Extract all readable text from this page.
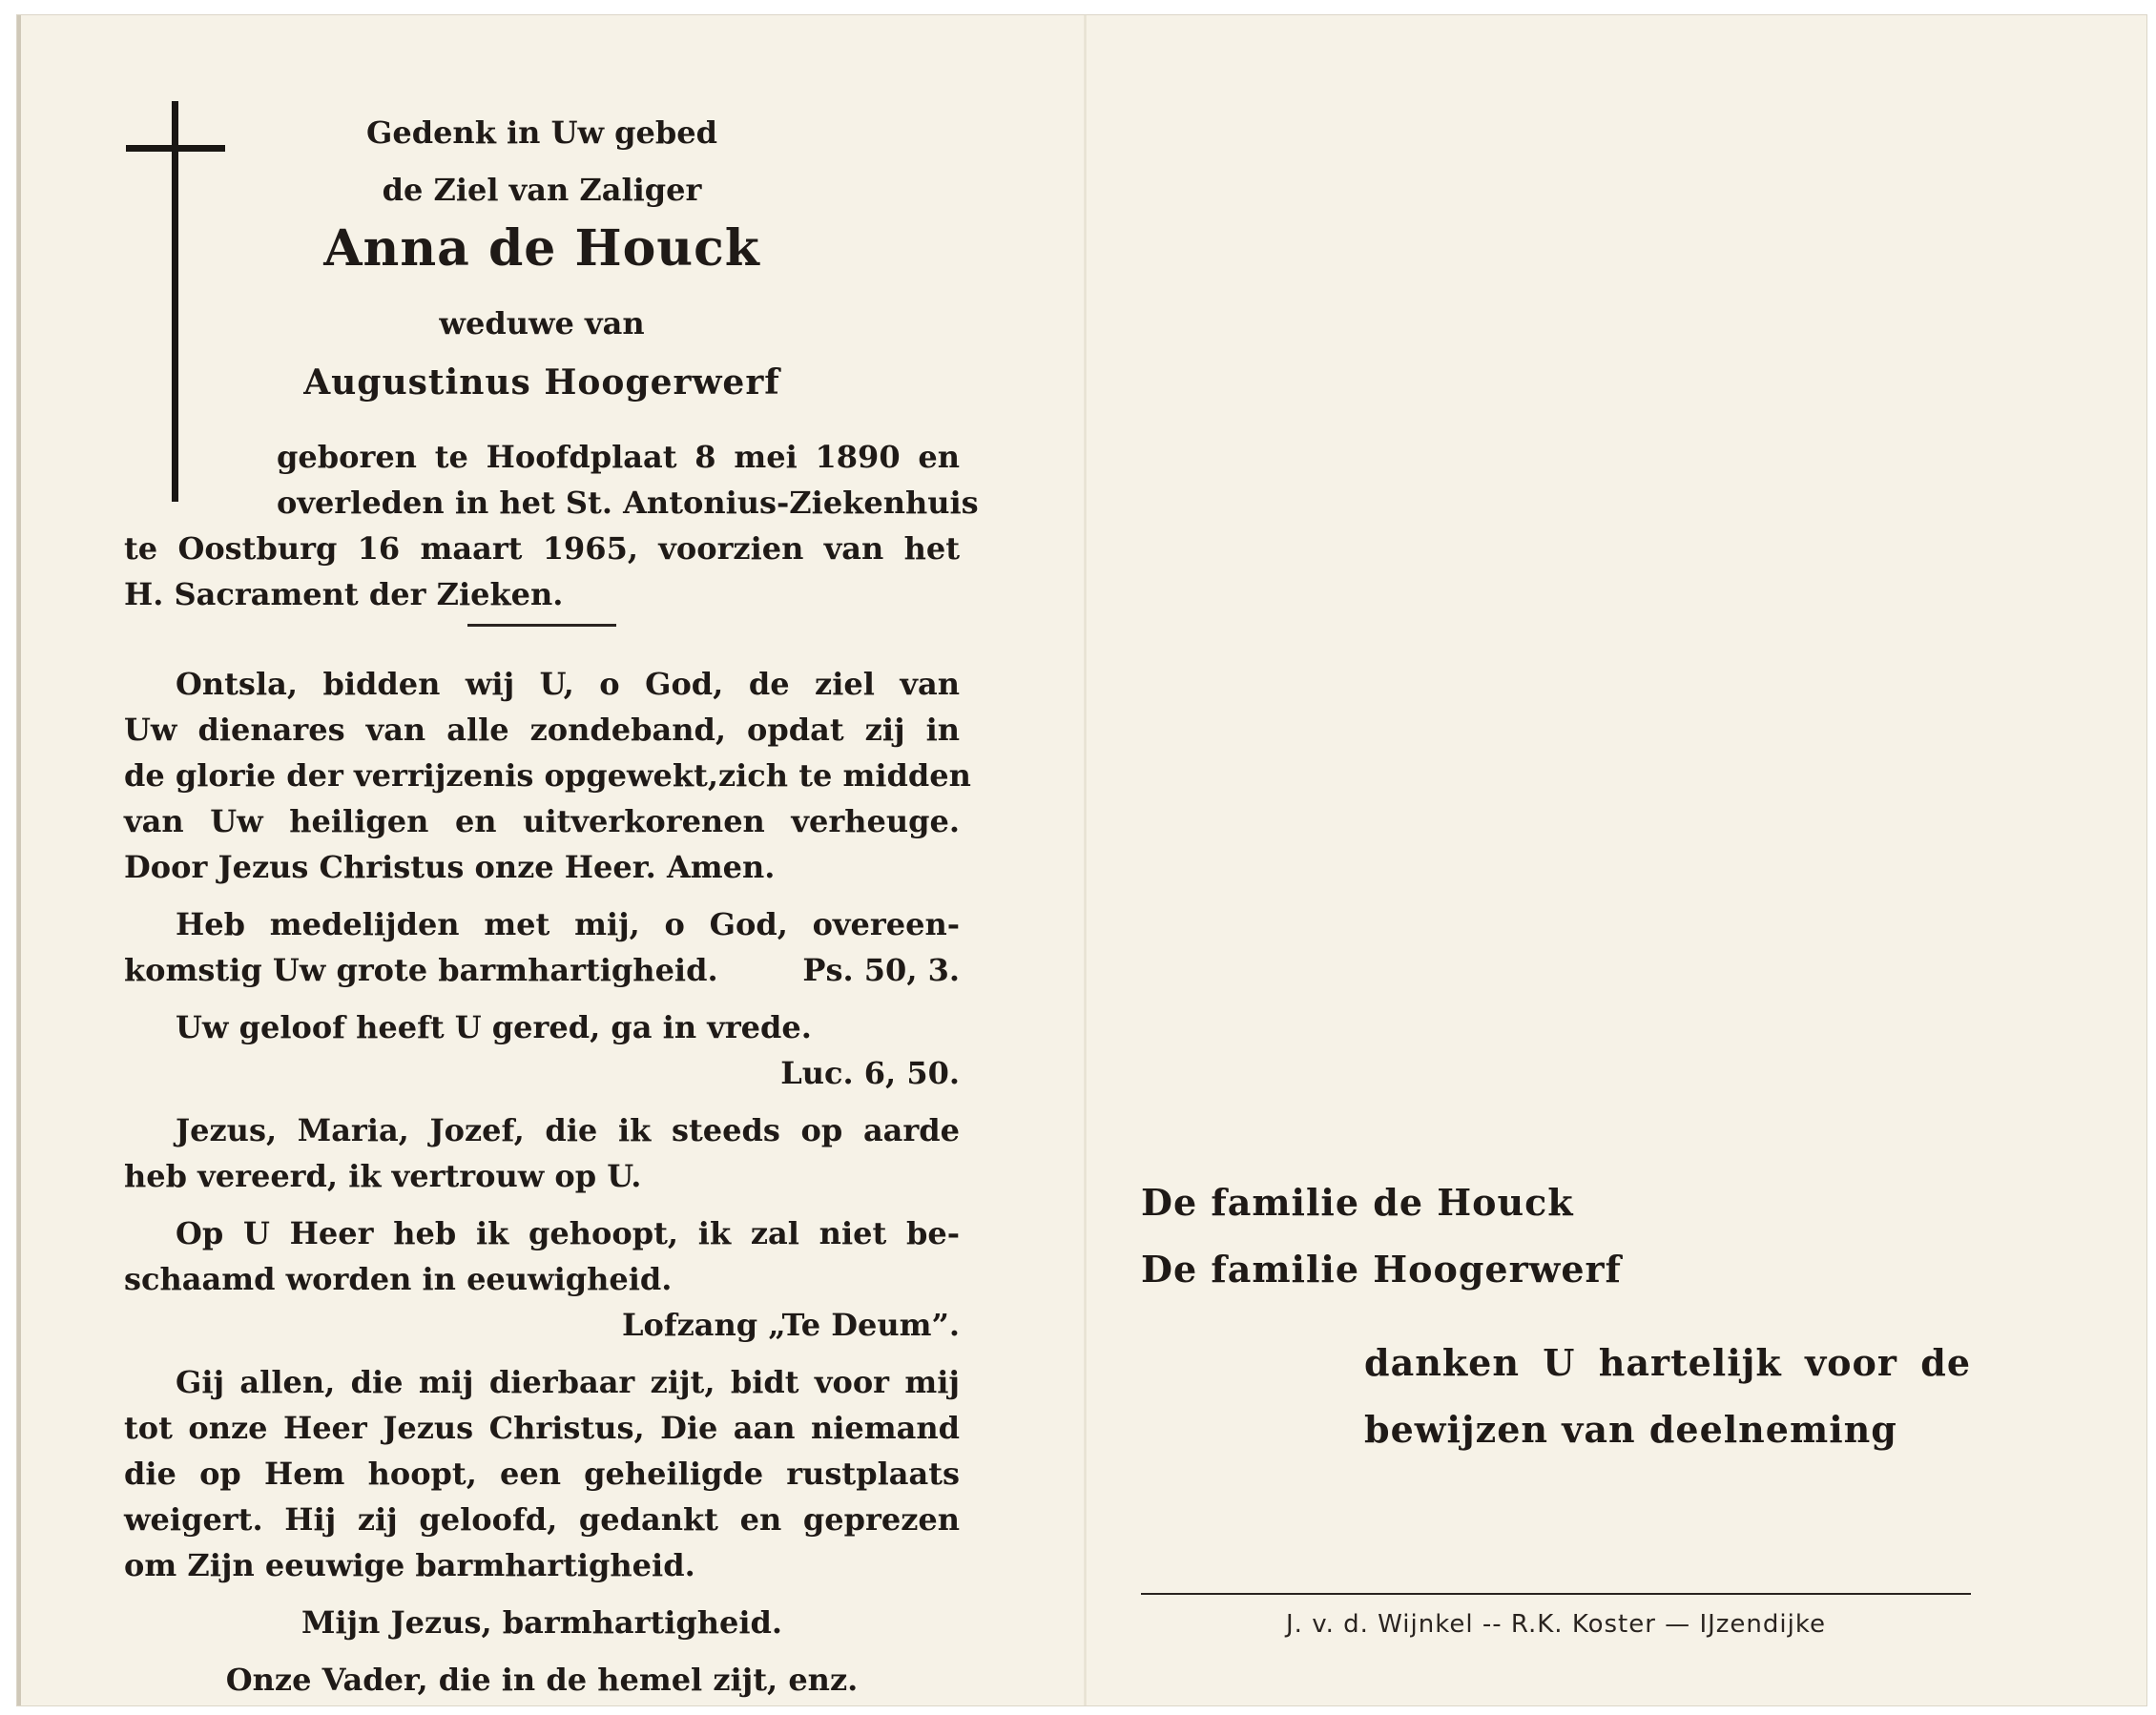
Gedenk in Uw gebed
de Ziel van Zaliger
Anna de Houck
weduwe van
Augustinus Hoogerwerf
geboren te Hoofdplaat 8 mei 1890 en
overleden in het St. Antonius-Ziekenhuis
te Oostburg 16 maart 1965, voorzien van het
H. Sacrament der Zieken.
Ontsla, bidden wij U, o God, de ziel van
Uw dienares van alle zondeband, opdat zij in
de glorie der verrijzenis opgewekt,zich te midden
van Uw heiligen en uitverkorenen verheuge.
Door Jezus Christus onze Heer. Amen.
Heb medelijden met mij, o God, overeen-
komstig Uw grote barmhartigheid.	Ps. 50, 3.
Uw geloof heeft U gered, ga in vrede.
Luc. 6, 50.
Jezus, Maria, Jozef, die ik steeds op aarde
heb vereerd, ik vertrouw op U.
Op U Heer heb ik gehoopt, ik zal niet be-
schaamd worden in eeuwigheid.
Lofzang „Te Deum”.
Gij allen, die mij dierbaar zijt, bidt voor mij
tot onze Heer Jezus Christus, Die aan niemand
die op Hem hoopt, een geheiligde rustplaats
weigert. Hij zij geloofd, gedankt en geprezen
om Zijn eeuwige barmhartigheid.
Mijn Jezus, barmhartigheid.
Onze Vader, die in de hemel zijt, enz.
De familie de Houck
De familie Hoogerwerf
danken U hartelijk voor de
bewijzen van deelneming
J. v. d. Wijnkel -- R.K. Koster — IJzendijke
